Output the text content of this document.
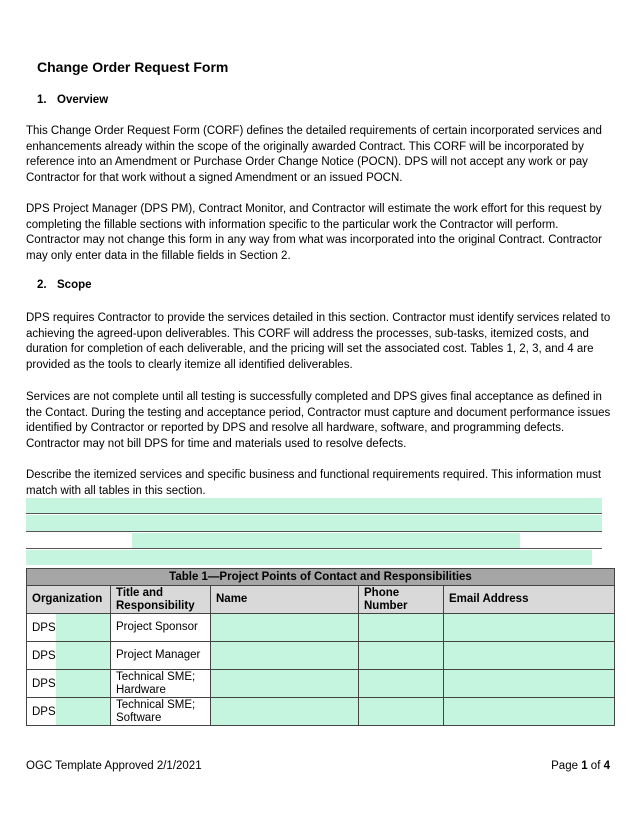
Change Order Request Form
1. Overview
This Change Order Request Form (CORF) defines the detailed requirements of certain incorporated services and enhancements already within the scope of the originally awarded Contract. This CORF will be incorporated by reference into an Amendment or Purchase Order Change Notice (POCN). DPS will not accept any work or pay Contractor for that work without a signed Amendment or an issued POCN.
DPS Project Manager (DPS PM), Contract Monitor, and Contractor will estimate the work effort for this request by completing the fillable sections with information specific to the particular work the Contractor will perform. Contractor may not change this form in any way from what was incorporated into the original Contract. Contractor may only enter data in the fillable fields in Section 2.
2. Scope
DPS requires Contractor to provide the services detailed in this section. Contractor must identify services related to achieving the agreed-upon deliverables. This CORF will address the processes, sub-tasks, itemized costs, and duration for completion of each deliverable, and the pricing will set the associated cost. Tables 1, 2, 3, and 4 are provided as the tools to clearly itemize all identified deliverables.
Services are not complete until all testing is successfully completed and DPS gives final acceptance as defined in the Contact. During the testing and acceptance period, Contractor must capture and document performance issues identified by Contractor or reported by DPS and resolve all hardware, software, and programming defects. Contractor may not bill DPS for time and materials used to resolve defects.
Describe the itemized services and specific business and functional requirements required. This information must match with all tables in this section.
Table 1—Project Points of Contact and Responsibilities				
Organization	Title and Responsibility	Name	Phone Number	Email Address
DPS	Project Sponsor			
DPS	Project Manager			
DPS	Technical SME; Hardware			
DPS	Technical SME; Software			
OGC Template Approved 2/1/2021	Page 1 of 4
